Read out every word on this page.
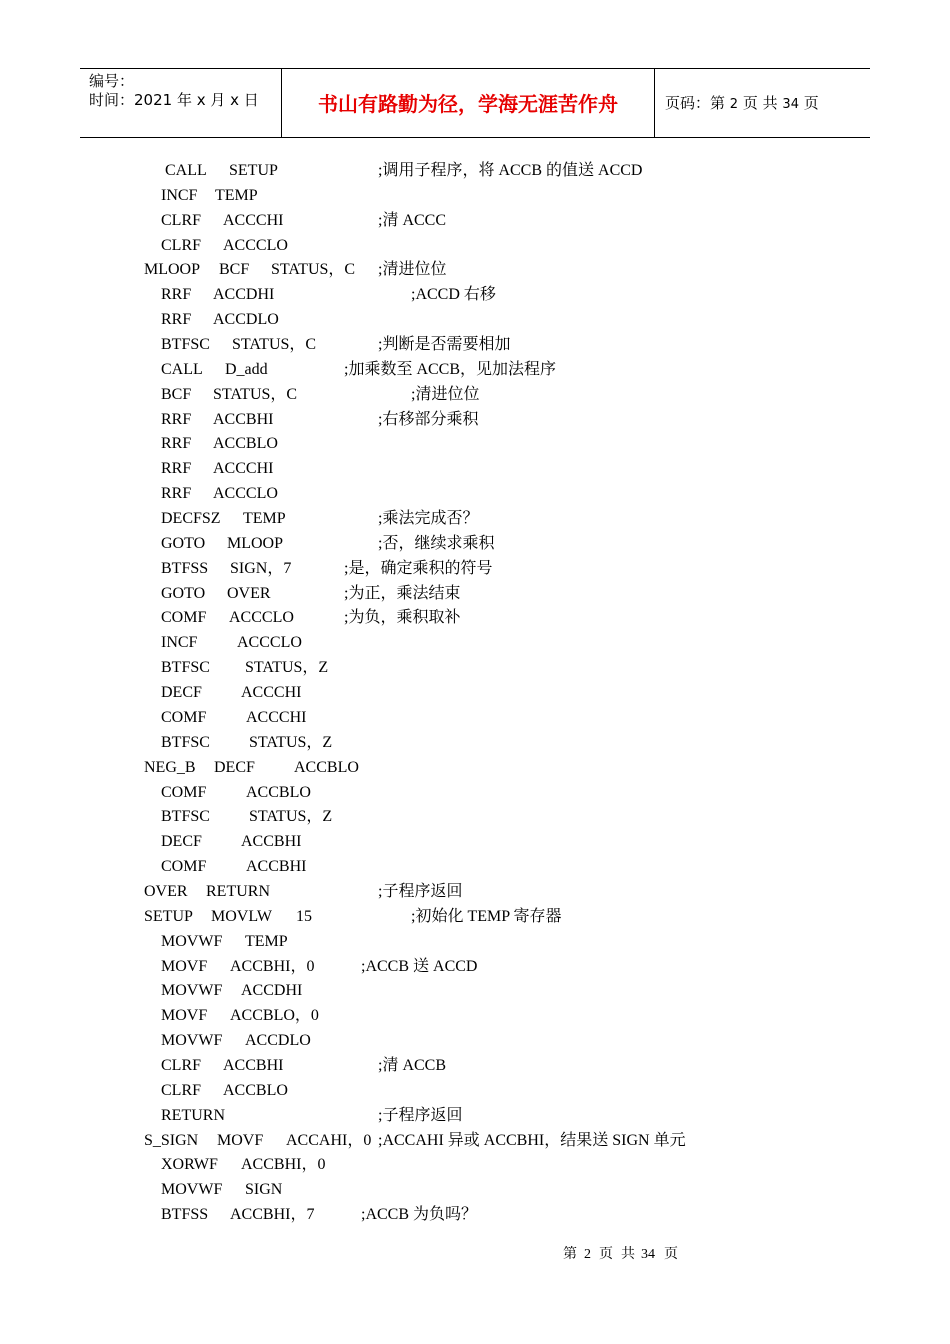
编号：
时间：2021 年 x 月 x 日	书山有路勤为径，学海无涯苦作舟	页码：第 2 页 共 34 页
CALL SETUP	;调用子程序，将 ACCB 的值送 ACCD
INCF TEMP
CLRF ACCCHI	;清 ACCC
CLRF ACCCLO
MLOOP BCF STATUS，C ;清进位位
RRF ACCDHI	;ACCD 右移
RRF ACCDLO
BTFSC STATUS，C	;判断是否需要相加
CALL D_add	;加乘数至 ACCB，见加法程序
BCF STATUS，C	;清进位位
RRF ACCBHI	;右移部分乘积
RRF ACCBLO
RRF ACCCHI
RRF ACCCLO
DECFSZ TEMP	;乘法完成否？
GOTO MLOOP	;否，继续求乘积
BTFSS SIGN，7	;是，确定乘积的符号
GOTO OVER	;为正，乘法结束
COMF ACCCLO	;为负，乘积取补
INCF ACCCLO
BTFSC STATUS，Z
DECF ACCCHI
COMF ACCCHI
BTFSC STATUS，Z
NEG_B DECF ACCBLO
COMF ACCBLO
BTFSC STATUS，Z
DECF ACCBHI
COMF ACCBHI
OVER RETURN	;子程序返回
SETUP MOVLW 15	;初始化 TEMP 寄存器
MOVWF TEMP
MOVF ACCBHI，0	;ACCB 送 ACCD
MOVWF ACCDHI
MOVF ACCBLO，0
MOVWF ACCDLO
CLRF ACCBHI	;清 ACCB
CLRF ACCBLO
RETURN	;子程序返回
S_SIGN MOVF ACCAHI，0 ;ACCAHI 异或 ACCBHI，结果送 SIGN 单元
XORWF ACCBHI，0
MOVWF SIGN
BTFSS ACCBHI，7	;ACCB 为负吗？
第 2 页 共 34 页
